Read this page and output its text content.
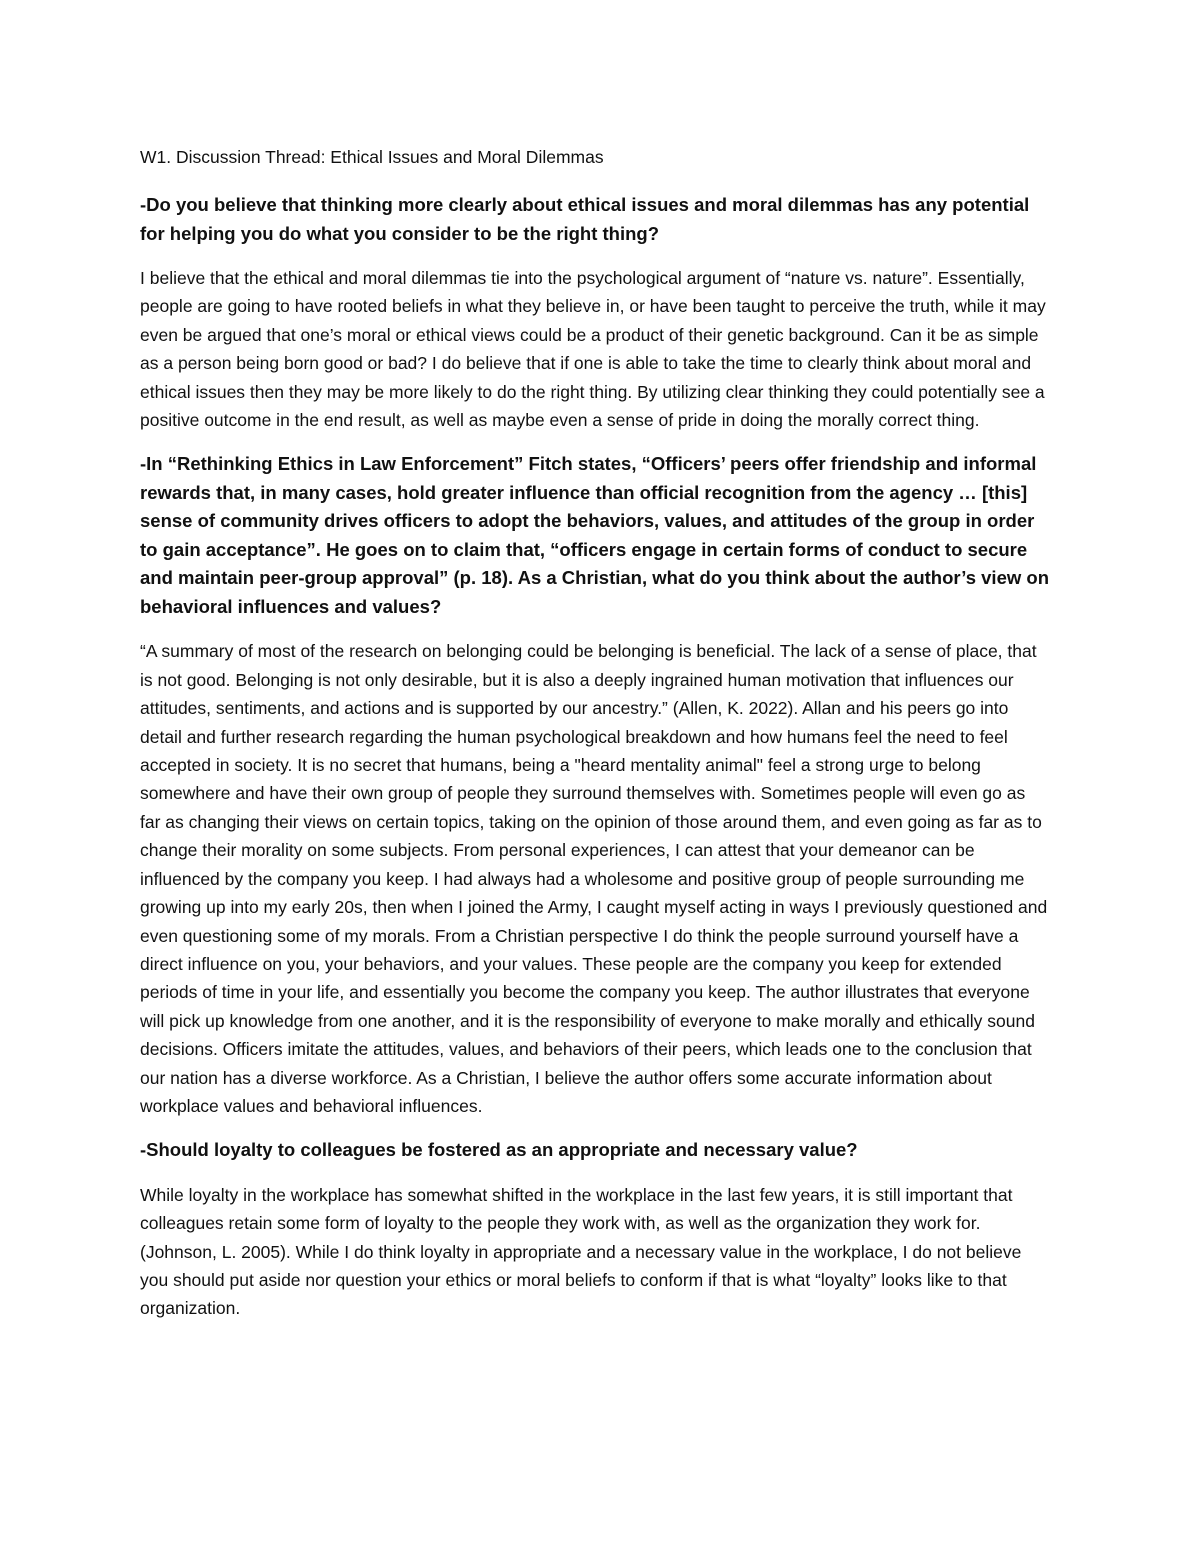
W1. Discussion Thread: Ethical Issues and Moral Dilemmas
-Do you believe that thinking more clearly about ethical issues and moral dilemmas has any potential for helping you do what you consider to be the right thing?

I believe that the ethical and moral dilemmas tie into the psychological argument of “nature vs. nature”. Essentially, people are going to have rooted beliefs in what they believe in, or have been taught to perceive the truth, while it may even be argued that one’s moral or ethical views could be a product of their genetic background. Can it be as simple as a person being born good or bad? I do believe that if one is able to take the time to clearly think about moral and ethical issues then they may be more likely to do the right thing. By utilizing clear thinking they could potentially see a positive outcome in the end result, as well as maybe even a sense of pride in doing the morally correct thing.

-In “Rethinking Ethics in Law Enforcement” Fitch states, “Officers’ peers offer friendship and informal rewards that, in many cases, hold greater influence than official recognition from the agency … [this] sense of community drives officers to adopt the behaviors, values, and attitudes of the group in order to gain acceptance”. He goes on to claim that, “officers engage in certain forms of conduct to secure and maintain peer-group approval” (p. 18). As a Christian, what do you think about the author’s view on behavioral influences and values?

“A summary of most of the research on belonging could be belonging is beneficial. The lack of a sense of place, that is not good. Belonging is not only desirable, but it is also a deeply ingrained human motivation that influences our attitudes, sentiments, and actions and is supported by our ancestry.” (Allen, K. 2022). Allan and his peers go into detail and further research regarding the human psychological breakdown and how humans feel the need to feel accepted in society. It is no secret that humans, being a "heard mentality animal" feel a strong urge to belong somewhere and have their own group of people they surround themselves with. Sometimes people will even go as far as changing their views on certain topics, taking on the opinion of those around them, and even going as far as to change their morality on some subjects. From personal experiences, I can attest that your demeanor can be influenced by the company you keep. I had always had a wholesome and positive group of people surrounding me growing up into my early 20s, then when I joined the Army, I caught myself acting in ways I previously questioned and even questioning some of my morals. From a Christian perspective I do think the people surround yourself have a direct influence on you, your behaviors, and your values. These people are the company you keep for extended periods of time in your life, and essentially you become the company you keep. The author illustrates that everyone will pick up knowledge from one another, and it is the responsibility of everyone to make morally and ethically sound decisions. Officers imitate the attitudes, values, and behaviors of their peers, which leads one to the conclusion that our nation has a diverse workforce. As a Christian, I believe the author offers some accurate information about workplace values and behavioral influences.

-Should loyalty to colleagues be fostered as an appropriate and necessary value?

While loyalty in the workplace has somewhat shifted in the workplace in the last few years, it is still important that colleagues retain some form of loyalty to the people they work with, as well as the organization they work for. (Johnson, L. 2005). While I do think loyalty in appropriate and a necessary value in the workplace, I do not believe you should put aside nor question your ethics or moral beliefs to conform if that is what “loyalty” looks like to that organization.
